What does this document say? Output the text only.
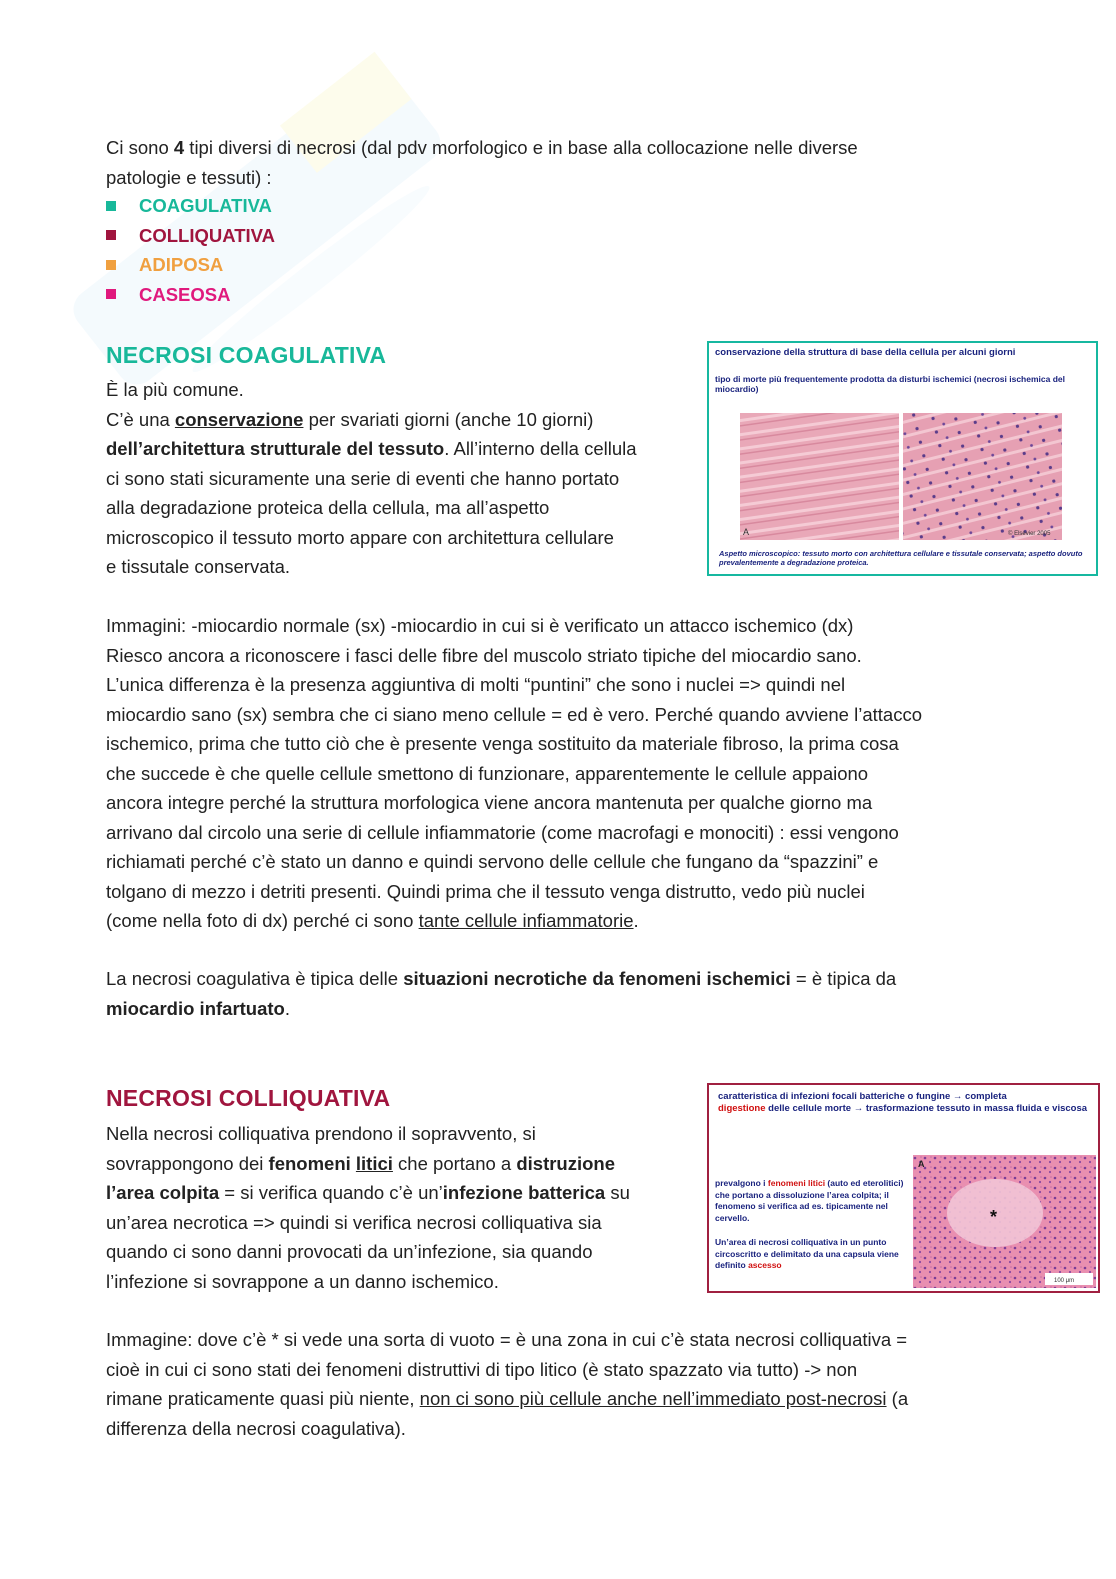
Ci sono 4 tipi diversi di necrosi (dal pdv morfologico e in base alla collocazione nelle diverse

patologie e tessuti) :

COAGULATIVA
COLLIQUATIVA
ADIPOSA
CASEOSA
NECROSI COAGULATIVA

È la più comune.

C’è una conservazione per svariati giorni (anche 10 giorni)

dell’architettura strutturale del tessuto. All’interno della cellula

ci sono stati sicuramente una serie di eventi che hanno portato

alla degradazione proteica della cellula, ma all’aspetto

microscopico il tessuto morto appare con architettura cellulare

e tissutale conservata.

conservazione della struttura di base della cellula per alcuni giorni
tipo di morte più frequentemente prodotta da disturbi ischemici (necrosi ischemica del miocardio)
A	© Elsevier 2005
Aspetto microscopico: tessuto morto con architettura cellulare e tissutale conservata; aspetto dovuto prevalentemente a degradazione proteica.

Immagini: -miocardio normale (sx) -miocardio in cui si è verificato un attacco ischemico (dx)

Riesco ancora a riconoscere i fasci delle fibre del muscolo striato tipiche del miocardio sano.

L’unica differenza è la presenza aggiuntiva di molti “puntini” che sono i nuclei => quindi nel

miocardio sano (sx) sembra che ci siano meno cellule = ed è vero. Perché quando avviene l’attacco

ischemico, prima che tutto ciò che è presente venga sostituito da materiale fibroso, la prima cosa

che succede è che quelle cellule smettono di funzionare, apparentemente le cellule appaiono

ancora integre perché la struttura morfologica viene ancora mantenuta per qualche giorno ma

arrivano dal circolo una serie di cellule infiammatorie (come macrofagi e monociti) : essi vengono

richiamati perché c’è stato un danno e quindi servono delle cellule che fungano da “spazzini” e

tolgano di mezzo i detriti presenti. Quindi prima che il tessuto venga distrutto, vedo più nuclei

(come nella foto di dx) perché ci sono tante cellule infiammatorie.

La necrosi coagulativa è tipica delle situazioni necrotiche da fenomeni ischemici = è tipica da

miocardio infartuato.

NECROSI COLLIQUATIVA

Nella necrosi colliquativa prendono il sopravvento, si

sovrappongono dei fenomeni litici che portano a distruzione

l’area colpita = si verifica quando c’è un’infezione batterica su

un’area necrotica => quindi si verifica necrosi colliquativa sia

quando ci sono danni provocati da un’infezione, sia quando

l’infezione si sovrappone a un danno ischemico.

caratteristica di infezioni focali batteriche o fungine → completa
digestione delle cellule morte → trasformazione tessuto in massa fluida e viscosa
prevalgono i fenomeni litici (auto ed eterolitici) che portano a dissoluzione l’area colpita; il fenomeno si verifica ad es. tipicamente nel cervello.
Un’area di necrosi colliquativa in un punto circoscritto e delimitato da una capsula viene definito ascesso
A
*
100 μm

Immagine: dove c’è * si vede una sorta di vuoto = è una zona in cui c’è stata necrosi colliquativa =

cioè in cui ci sono stati dei fenomeni distruttivi di tipo litico (è stato spazzato via tutto) -> non

rimane praticamente quasi più niente, non ci sono più cellule anche nell’immediato post-necrosi (a

differenza della necrosi coagulativa).
